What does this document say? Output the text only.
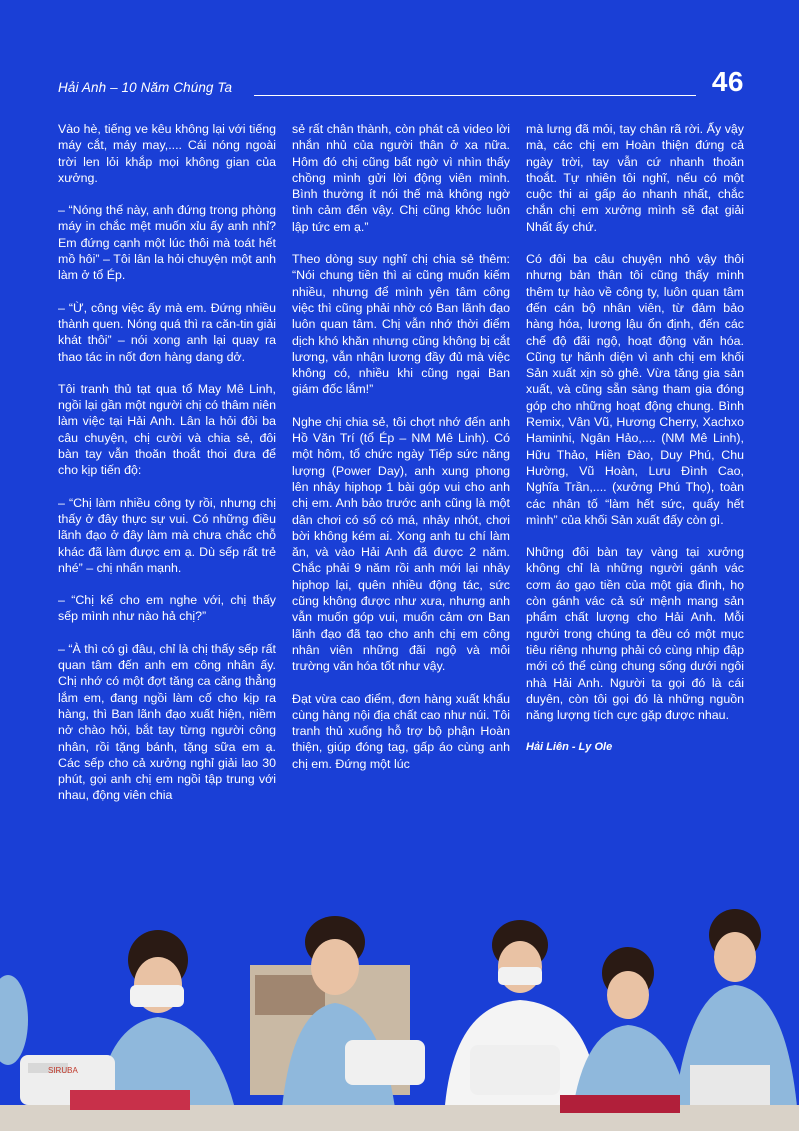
Hải Anh – 10 Năm Chúng Ta	46

Vào hè, tiếng ve kêu không lại với tiếng máy cắt, máy may,.... Cái nóng ngoài trời len lỏi khắp mọi không gian của xưởng.

– “Nóng thế này, anh đứng trong phòng máy in chắc mệt muốn xỉu ấy anh nhỉ? Em đứng cạnh một lúc thôi mà toát hết mồ hôi” – Tôi lân la hỏi chuyện một anh làm ở tổ Ép.

– “Ừ, công việc ấy mà em. Đứng nhiều thành quen. Nóng quá thì ra căn-tin giải khát thôi” – nói xong anh lại quay ra thao tác in nốt đơn hàng dang dở.

Tôi tranh thủ tạt qua tổ May Mê Linh, ngồi lại gần một người chị có thâm niên làm việc tại Hải Anh. Lân la hỏi đôi ba câu chuyện, chị cười và chia sẻ, đôi bàn tay vẫn thoăn thoắt thoi đưa để cho kịp tiến độ:

– “Chị làm nhiều công ty rồi, nhưng chị thấy ở đây thực sự vui. Có những điều lãnh đạo ở đây làm mà chưa chắc chỗ khác đã làm được em ạ. Dù sếp rất trẻ nhé” – chị nhấn mạnh.

– “Chị kể cho em nghe với, chị thấy sếp mình như nào hả chị?”

– “À thì có gì đâu, chỉ là chị thấy sếp rất quan tâm đến anh em công nhân ấy. Chị nhớ có một đợt tăng ca căng thẳng lắm em, đang ngồi làm cố cho kịp ra hàng, thì Ban lãnh đạo xuất hiện, niềm nở chào hỏi, bắt tay từng người công nhân, rồi tặng bánh, tặng sữa em ạ. Các sếp cho cả xưởng nghỉ giải lao 30 phút, gọi anh chị em ngồi tập trung với nhau, động viên chia

sẻ rất chân thành, còn phát cả video lời nhắn nhủ của người thân ở xa nữa. Hôm đó chị cũng bất ngờ vì nhìn thấy chồng mình gửi lời động viên mình. Bình thường ít nói thế mà không ngờ tình cảm đến vậy. Chị cũng khóc luôn lập tức em ạ.”

Theo dòng suy nghĩ chị chia sẻ thêm: “Nói chung tiền thì ai cũng muốn kiếm nhiều, nhưng để mình yên tâm công việc thì cũng phải nhờ có Ban lãnh đạo luôn quan tâm. Chị vẫn nhớ thời điểm dịch khó khăn nhưng cũng không bị cắt lương, vẫn nhận lương đầy đủ mà việc không có, nhiều khi cũng ngại Ban giám đốc lắm!”

Nghe chị chia sẻ, tôi chợt nhớ đến anh Hồ Văn Trí (tổ Ép – NM Mê Linh). Có một hôm, tổ chức ngày Tiếp sức năng lượng (Power Day), anh xung phong lên nhảy hiphop 1 bài góp vui cho anh chị em. Anh bảo trước anh cũng là một dân chơi có số có má, nhảy nhót, chơi bời không kém ai. Xong anh tu chí làm ăn, và vào Hải Anh đã được 2 năm. Chắc phải 9 năm rồi anh mới lại nhảy hiphop lại, quên nhiều động tác, sức cũng không được như xưa, nhưng anh vẫn muốn góp vui, muốn cảm ơn Ban lãnh đạo đã tạo cho anh chị em công nhân viên những đãi ngộ và môi trường văn hóa tốt như vậy.

Đạt vừa cao điểm, đơn hàng xuất khẩu cùng hàng nội địa chất cao như núi. Tôi tranh thủ xuống hỗ trợ bộ phận Hoàn thiện, giúp đóng tag, gấp áo cùng anh chị em. Đứng một lúc

mà lưng đã mỏi, tay chân rã rời. Ấy vậy mà, các chị em Hoàn thiện đứng cả ngày trời, tay vẫn cứ nhanh thoăn thoắt. Tự nhiên tôi nghĩ, nếu có một cuộc thi ai gấp áo nhanh nhất, chắc chắn chị em xưởng mình sẽ đạt giải Nhất ấy chứ.

Có đôi ba câu chuyện nhỏ vậy thôi nhưng bản thân tôi cũng thấy mình thêm tự hào về công ty, luôn quan tâm đến cán bộ nhân viên, từ đảm bảo hàng hóa, lương lậu ổn định, đến các chế độ đãi ngộ, hoạt động văn hóa. Cũng tự hãnh diện vì anh chị em khối Sản xuất xịn sò ghê. Vừa tăng gia sản xuất, và cũng sẵn sàng tham gia đóng góp cho những hoạt động chung. Bình Remix, Vân Vũ, Hương Cherry, Xachxo Haminhi, Ngân Hảo,.... (NM Mê Linh), Hữu Thảo, Hiền Đào, Duy Phú, Chu Hường, Vũ Hoàn, Lưu Đình Cao, Nghĩa Trần,.... (xưởng Phú Thọ), toàn các nhân tố “làm hết sức, quẩy hết mình” của khối Sản xuất đấy còn gì.

Những đôi bàn tay vàng tại xưởng không chỉ là những người gánh vác cơm áo gạo tiền của một gia đình, họ còn gánh vác cả sứ mệnh mang sản phẩm chất lượng cho Hải Anh. Mỗi người trong chúng ta đều có một mục tiêu riêng nhưng phải có cùng nhịp đập mới có thể cùng chung sống dưới ngôi nhà Hải Anh. Người ta gọi đó là cái duyên, còn tôi gọi đó là những nguồn năng lượng tích cực gặp được nhau.

Hải Liên - Ly Ole
SIRUBA
